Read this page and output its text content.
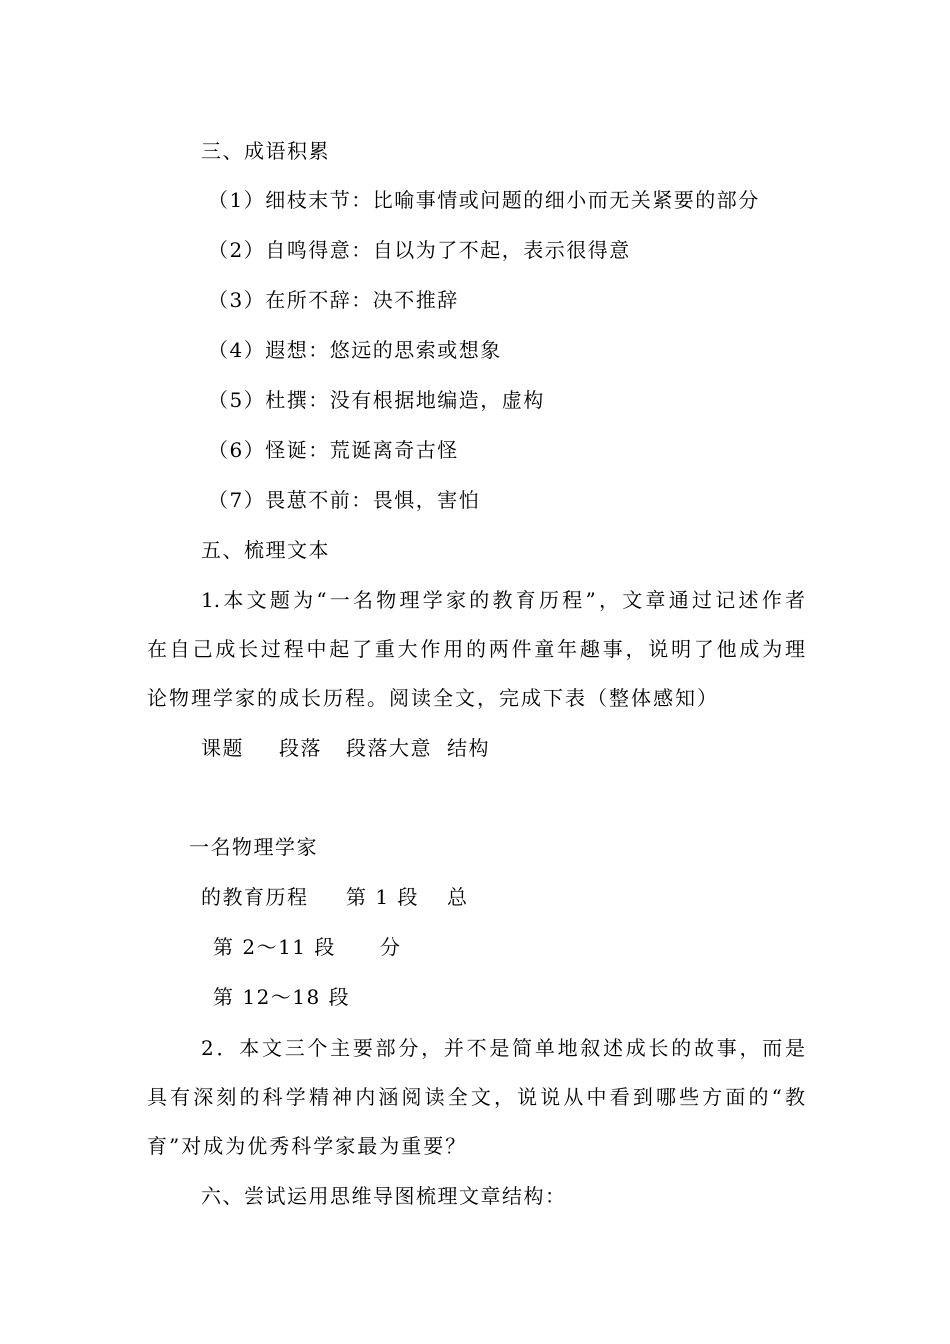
三、成语积累
（1）细枝末节：比喻事情或问题的细小而无关紧要的部分
（2）自鸣得意：自以为了不起，表示很得意
（3）在所不辞：决不推辞
（4）遐想：悠远的思索或想象
（5）杜撰：没有根据地编造，虚构
（6）怪诞：荒诞离奇古怪
（7）畏葸不前：畏惧，害怕
五、梳理文本
1.本文题为“一名物理学家的教育历程”，文章通过记述作者
在自己成长过程中起了重大作用的两件童年趣事，说明了他成为理
论物理学家的成长历程。阅读全文，完成下表（整体感知）
课题 段落 段落大意 结构
一名物理学家
的教育历程 第 1 段 总
第 2～11 段 分
第 12～18 段
2．本文三个主要部分，并不是简单地叙述成长的故事，而是
具有深刻的科学精神内涵阅读全文，说说从中看到哪些方面的“教
育”对成为优秀科学家最为重要？
六、尝试运用思维导图梳理文章结构：
